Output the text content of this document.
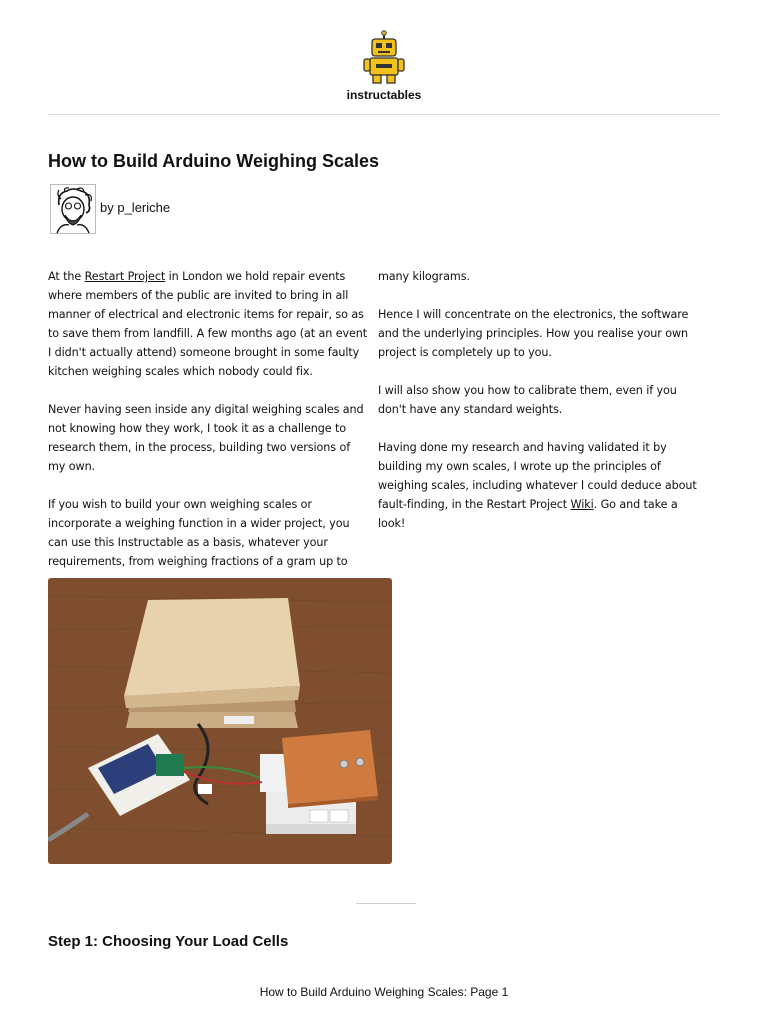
instructables
How to Build Arduino Weighing Scales
by p_leriche

At the Restart Project in London we hold repair events where members of the public are invited to bring in all manner of electrical and electronic items for repair, so as to save them from landfill. A few months ago (at an event I didn't actually attend) someone brought in some faulty kitchen weighing scales which nobody could fix.

Never having seen inside any digital weighing scales and not knowing how they work, I took it as a challenge to research them, in the process, building two versions of my own.

If you wish to build your own weighing scales or incorporate a weighing function in a wider project, you can use this Instructable as a basis, whatever your requirements, from weighing fractions of a gram up to

many kilograms.

Hence I will concentrate on the electronics, the software and the underlying principles. How you realise your own project is completely up to you.

I will also show you how to calibrate them, even if you don't have any standard weights.

Having done my research and having validated it by building my own scales, I wrote up the principles of weighing scales, including whatever I could deduce about fault-finding, in the Restart Project Wiki. Go and take a look!

Step 1: Choosing Your Load Cells
How to Build Arduino Weighing Scales: Page 1
